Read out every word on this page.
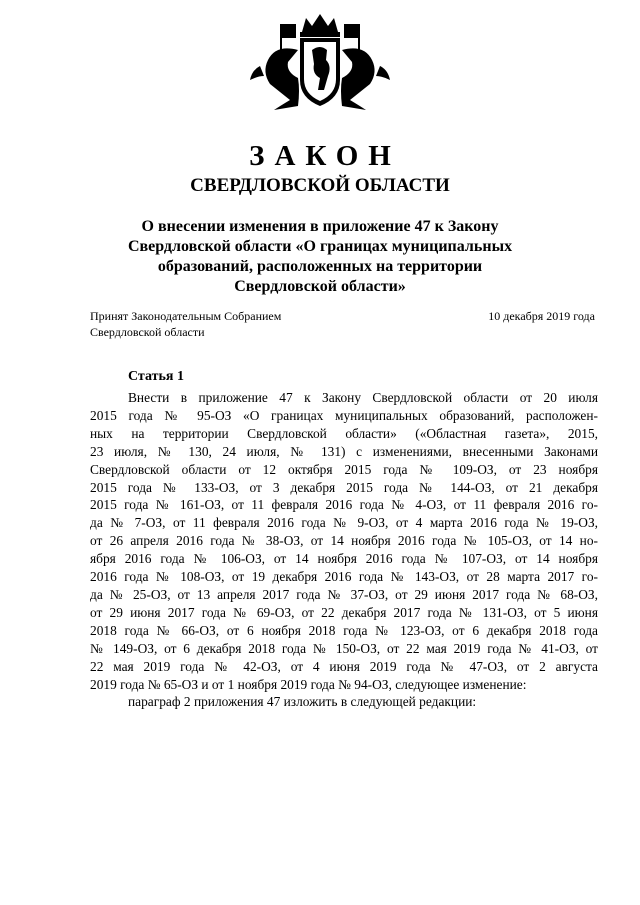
ЗАКОН
СВЕРДЛОВСКОЙ ОБЛАСТИ
О внесении изменения в приложение 47 к Закону
Свердловской области «О границах муниципальных
образований, расположенных на территории
Свердловской области»
Принят Законодательным Собранием
Свердловской области
10 декабря 2019 года
Статья 1
Внести в приложение 47 к Закону Свердловской области от 20 июля
2015 года № 95-ОЗ «О границах муниципальных образований, расположен-
ных на территории Свердловской области» («Областная газета», 2015,
23 июля, № 130, 24 июля, № 131) с изменениями, внесенными Законами
Свердловской области от 12 октября 2015 года № 109-ОЗ, от 23 ноября
2015 года № 133-ОЗ, от 3 декабря 2015 года № 144-ОЗ, от 21 декабря
2015 года № 161-ОЗ, от 11 февраля 2016 года № 4-ОЗ, от 11 февраля 2016 го-
да № 7-ОЗ, от 11 февраля 2016 года № 9-ОЗ, от 4 марта 2016 года № 19-ОЗ,
от 26 апреля 2016 года № 38-ОЗ, от 14 ноября 2016 года № 105-ОЗ, от 14 но-
ября 2016 года № 106-ОЗ, от 14 ноября 2016 года № 107-ОЗ, от 14 ноября
2016 года № 108-ОЗ, от 19 декабря 2016 года № 143-ОЗ, от 28 марта 2017 го-
да № 25-ОЗ, от 13 апреля 2017 года № 37-ОЗ, от 29 июня 2017 года № 68-ОЗ,
от 29 июня 2017 года № 69-ОЗ, от 22 декабря 2017 года № 131-ОЗ, от 5 июня
2018 года № 66-ОЗ, от 6 ноября 2018 года № 123-ОЗ, от 6 декабря 2018 года
№ 149-ОЗ, от 6 декабря 2018 года № 150-ОЗ, от 22 мая 2019 года № 41-ОЗ, от
22 мая 2019 года № 42-ОЗ, от 4 июня 2019 года № 47-ОЗ, от 2 августа
2019 года № 65-ОЗ и от 1 ноября 2019 года № 94-ОЗ, следующее изменение:
параграф 2 приложения 47 изложить в следующей редакции:
